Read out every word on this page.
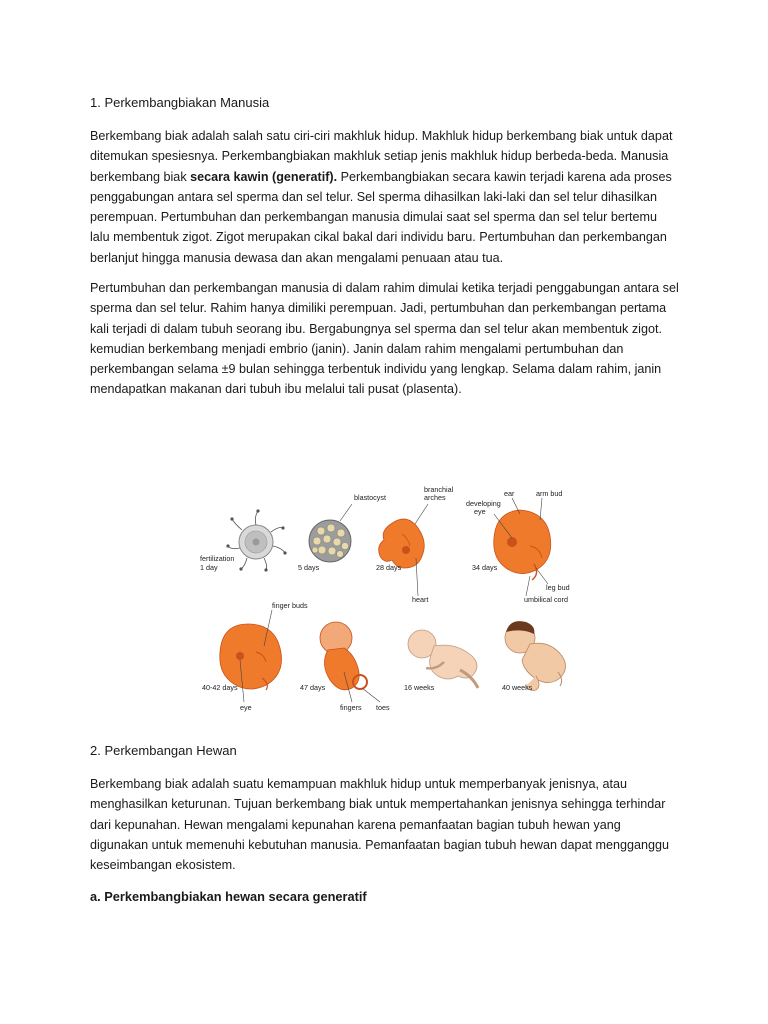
1. Perkembangbiakan Manusia

Berkembang biak adalah salah satu ciri-ciri makhluk hidup. Makhluk hidup berkembang biak untuk dapat ditemukan spesiesnya. Perkembangbiakan makhluk setiap jenis makhluk hidup berbeda-beda. Manusia berkembang biak secara kawin (generatif). Perkembangbiakan secara kawin terjadi karena ada proses penggabungan antara sel sperma dan sel telur. Sel sperma dihasilkan laki-laki dan sel telur dihasilkan perempuan. Pertumbuhan dan perkembangan manusia dimulai saat sel sperma dan sel telur bertemu lalu membentuk zigot. Zigot merupakan cikal bakal dari individu baru. Pertumbuhan dan perkembangan berlanjut hingga manusia dewasa dan akan mengalami penuaan atau tua.

Pertumbuhan dan perkembangan manusia di dalam rahim dimulai ketika terjadi penggabungan antara sel sperma dan sel telur. Rahim hanya dimiliki perempuan. Jadi, pertumbuhan dan perkembangan pertama kali terjadi di dalam tubuh seorang ibu. Bergabungnya sel sperma dan sel telur akan membentuk zigot. kemudian berkembang menjadi embrio (janin). Janin dalam rahim mengalami pertumbuhan dan perkembangan selama ±9 bulan sehingga terbentuk individu yang lengkap. Selama dalam rahim, janin mendapatkan makanan dari tubuh ibu melalui tali pusat (plasenta).

fertilization
1 day
blastocyst
5 days
branchial
arches
28 days
heart
developing
eye
ear	arm bud
34 days
leg bud
umbilical cord
finger buds
40-42 days
eye
47 days
fingers toes
16 weeks	40 weeks
2. Perkembangan Hewan

Berkembang biak adalah suatu kemampuan makhluk hidup untuk memperbanyak jenisnya, atau menghasilkan keturunan. Tujuan berkembang biak untuk mempertahankan jenisnya sehingga terhindar dari kepunahan. Hewan mengalami kepunahan karena pemanfaatan bagian tubuh hewan yang digunakan untuk memenuhi kebutuhan manusia. Pemanfaatan bagian tubuh hewan dapat mengganggu keseimbangan ekosistem.

a. Perkembangbiakan hewan secara generatif
